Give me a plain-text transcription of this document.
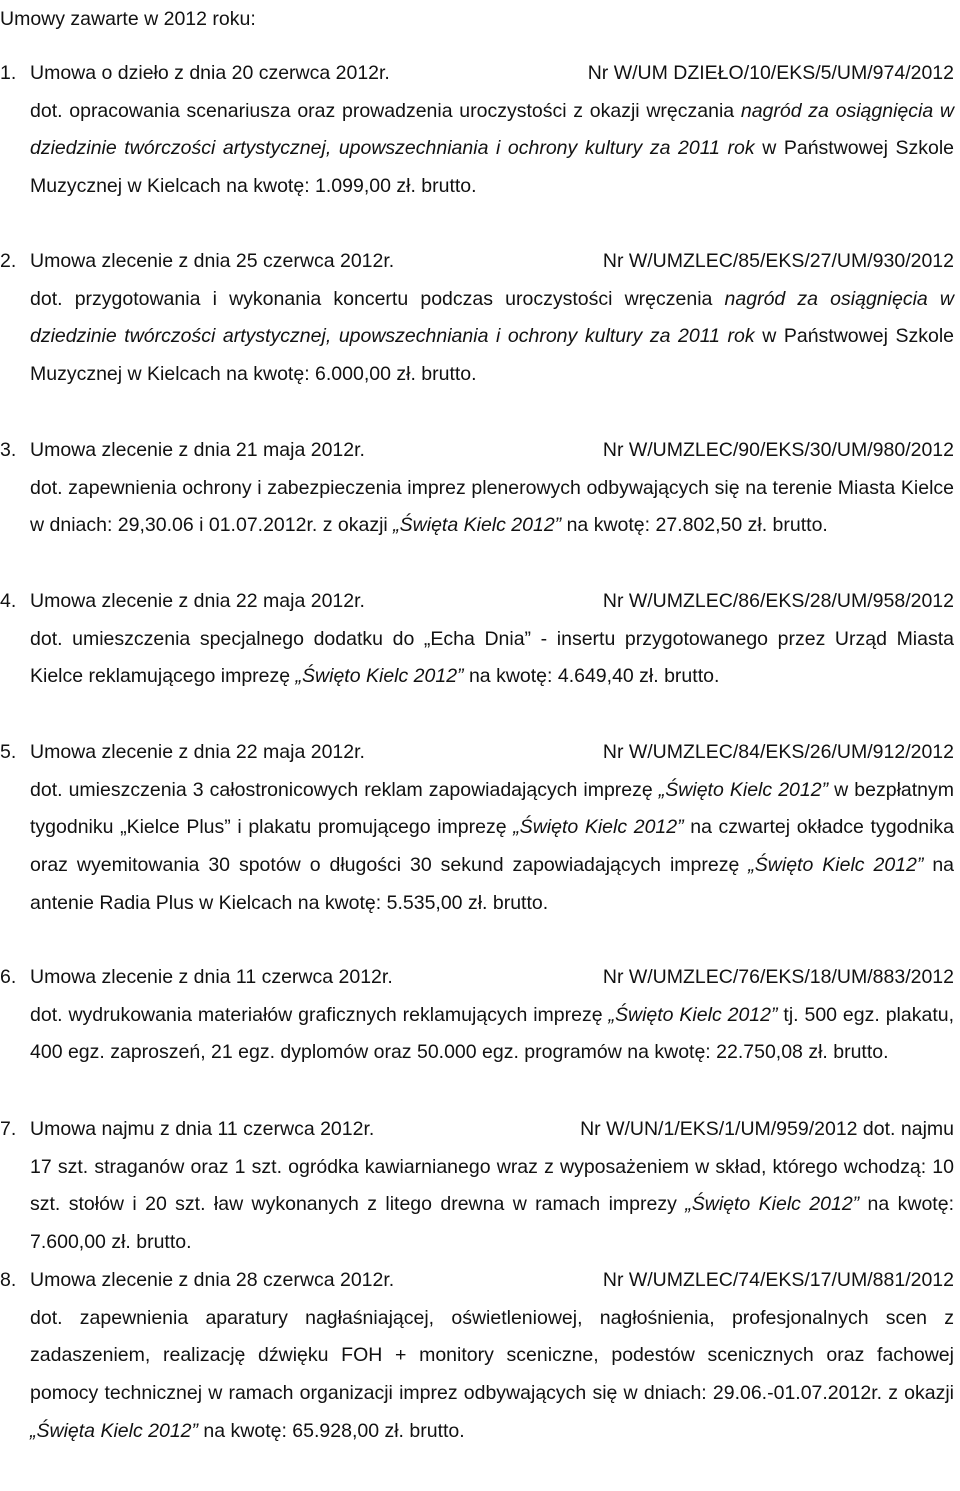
Umowy zawarte w 2012 roku:
1. Umowa o dzieło z dnia 20 czerwca 2012r.	Nr W/UM DZIEŁO/10/EKS/5/UM/974/2012
dot. opracowania scenariusza oraz prowadzenia uroczystości z okazji wręczania nagród za osiągnięcia w dziedzinie twórczości artystycznej, upowszechniania i ochrony kultury za 2011 rok w Państwowej Szkole Muzycznej w Kielcach na kwotę: 1.099,00 zł. brutto.
2. Umowa zlecenie z dnia 25 czerwca 2012r.	Nr W/UMZLEC/85/EKS/27/UM/930/2012
dot. przygotowania i wykonania koncertu podczas uroczystości wręczenia nagród za osiągnięcia w dziedzinie twórczości artystycznej, upowszechniania i ochrony kultury za 2011 rok w Państwowej Szkole Muzycznej w Kielcach na kwotę: 6.000,00 zł. brutto.
3. Umowa zlecenie z dnia 21 maja 2012r.	Nr W/UMZLEC/90/EKS/30/UM/980/2012
dot. zapewnienia ochrony i zabezpieczenia imprez plenerowych odbywających się na terenie Miasta Kielce w dniach: 29,30.06 i 01.07.2012r. z okazji „Święta Kielc 2012” na kwotę: 27.802,50 zł. brutto.
4. Umowa zlecenie z dnia 22 maja 2012r.	Nr W/UMZLEC/86/EKS/28/UM/958/2012
dot. umieszczenia specjalnego dodatku do „Echa Dnia” - insertu przygotowanego przez Urząd Miasta Kielce reklamującego imprezę „Święto Kielc 2012” na kwotę: 4.649,40 zł. brutto.
5. Umowa zlecenie z dnia 22 maja 2012r.	Nr W/UMZLEC/84/EKS/26/UM/912/2012
dot. umieszczenia 3 całostronicowych reklam zapowiadających imprezę „Święto Kielc 2012” w bezpłatnym tygodniku „Kielce Plus” i plakatu promującego imprezę „Święto Kielc 2012” na czwartej okładce tygodnika oraz wyemitowania 30 spotów o długości 30 sekund zapowiadających imprezę „Święto Kielc 2012” na antenie Radia Plus w Kielcach na kwotę: 5.535,00 zł. brutto.
6. Umowa zlecenie z dnia 11 czerwca 2012r.	Nr W/UMZLEC/76/EKS/18/UM/883/2012
dot. wydrukowania materiałów graficznych reklamujących imprezę „Święto Kielc 2012” tj. 500 egz. plakatu, 400 egz. zaproszeń, 21 egz. dyplomów oraz 50.000 egz. programów na kwotę: 22.750,08 zł. brutto.
7. Umowa najmu z dnia 11 czerwca 2012r.	Nr W/UN/1/EKS/1/UM/959/2012 dot. najmu
17 szt. straganów oraz 1 szt. ogródka kawiarnianego wraz z wyposażeniem w skład, którego wchodzą: 10 szt. stołów i 20 szt. ław wykonanych z litego drewna w ramach imprezy „Święto Kielc 2012” na kwotę: 7.600,00 zł. brutto.
8. Umowa zlecenie z dnia 28 czerwca 2012r.	Nr W/UMZLEC/74/EKS/17/UM/881/2012
dot. zapewnienia aparatury nagłaśniającej, oświetleniowej, nagłośnienia, profesjonalnych scen z zadaszeniem, realizację dźwięku FOH + monitory sceniczne, podestów scenicznych oraz fachowej pomocy technicznej w ramach organizacji imprez odbywających się w dniach: 29.06.-01.07.2012r. z okazji „Święta Kielc 2012” na kwotę: 65.928,00 zł. brutto.
